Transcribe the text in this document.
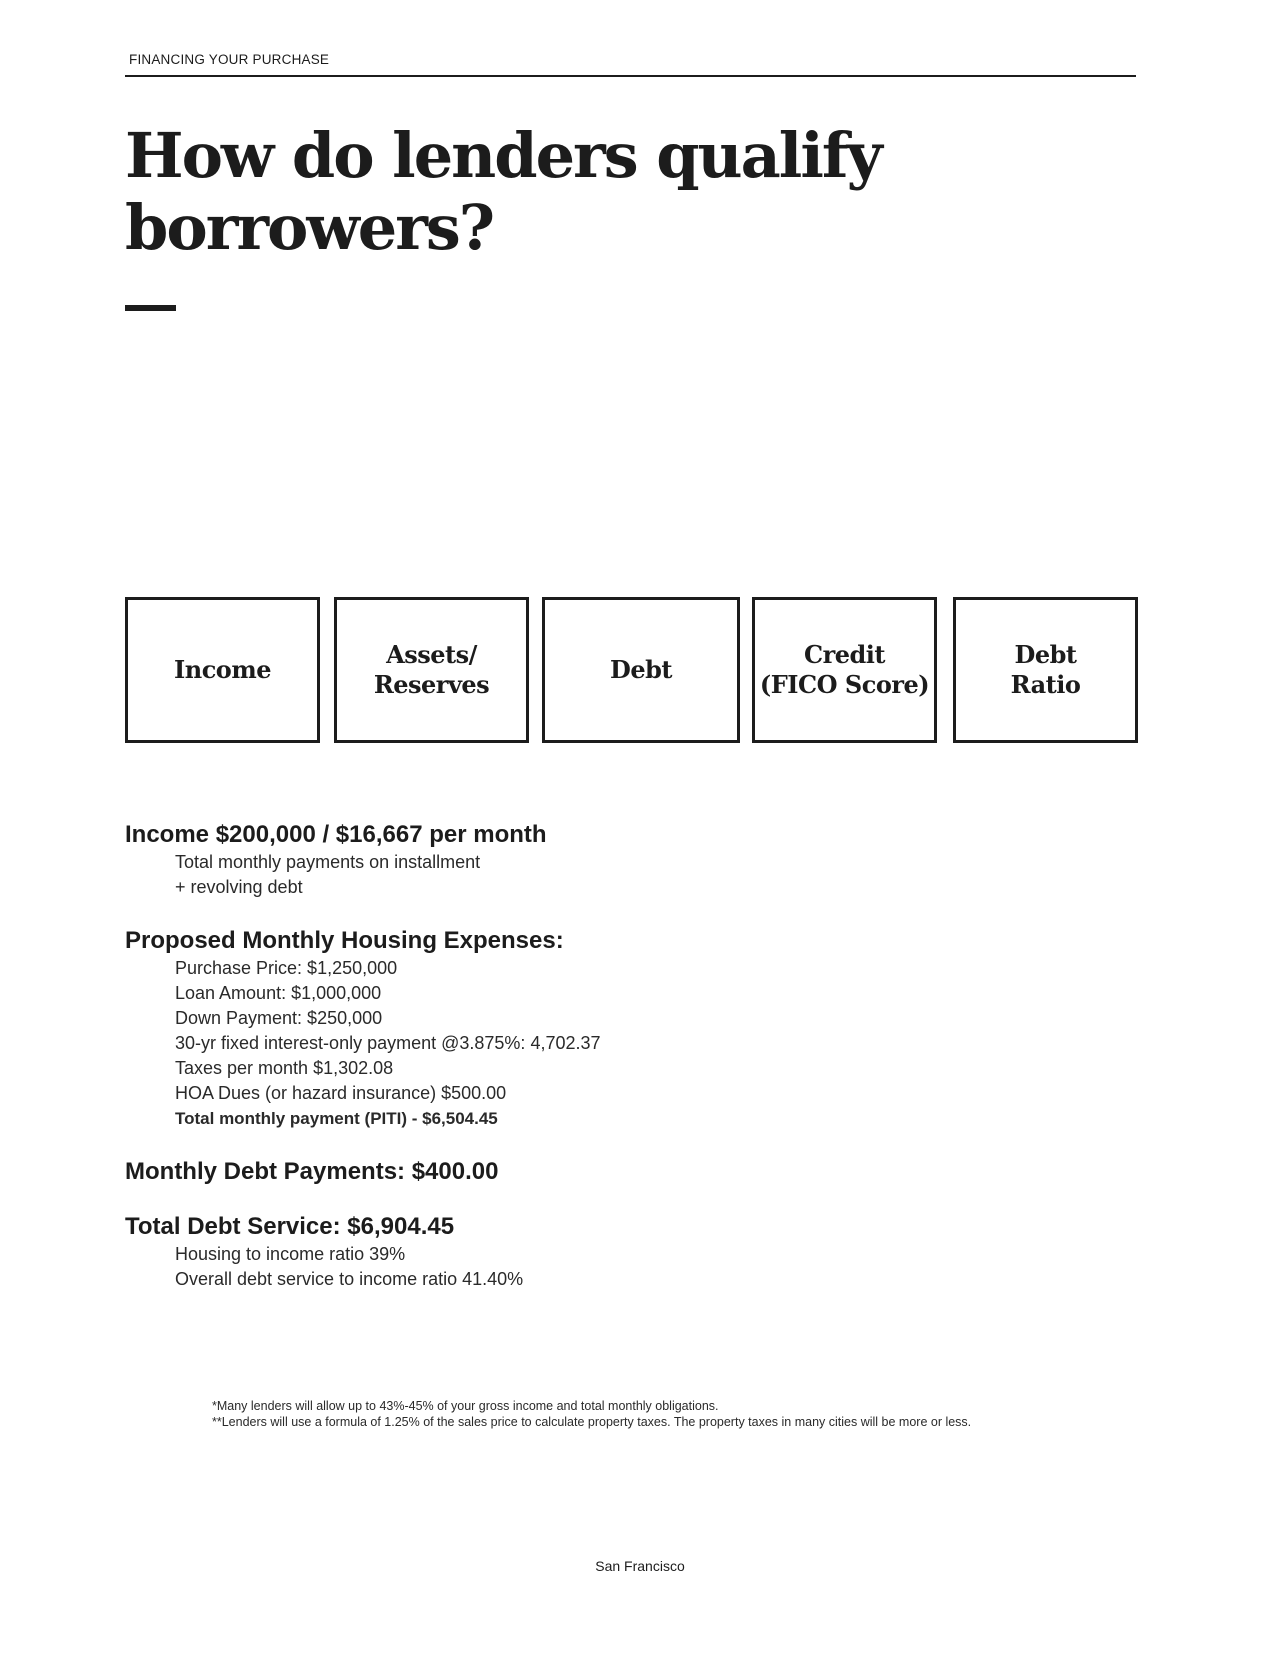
FINANCING YOUR PURCHASE
How do lenders qualify borrowers?
Income
Assets/
Reserves
Debt
Credit
(FICO Score)
Debt
Ratio
Income $200,000 / $16,667 per month
Total monthly payments on installment
+ revolving debt
Proposed Monthly Housing Expenses:
Purchase Price: $1,250,000
Loan Amount: $1,000,000
Down Payment: $250,000
30-yr fixed interest-only payment @3.875%: 4,702.37
Taxes per month $1,302.08
HOA Dues (or hazard insurance) $500.00
Total monthly payment (PITI) - $6,504.45
Monthly Debt Payments: $400.00
Total Debt Service: $6,904.45
Housing to income ratio 39%
Overall debt service to income ratio 41.40%
*Many lenders will allow up to 43%-45% of your gross income and total monthly obligations.
**Lenders will use a formula of 1.25% of the sales price to calculate property taxes. The property taxes in many cities will be more or less.
San Francisco
